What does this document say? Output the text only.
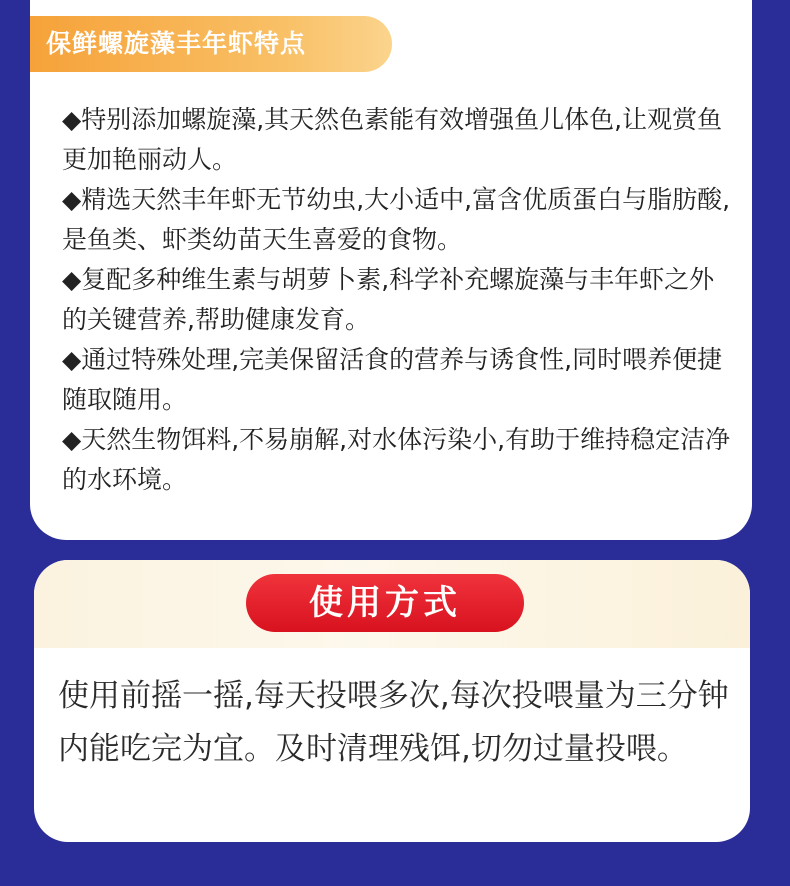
保鲜螺旋藻丰年虾特点
◆特别添加螺旋藻,其天然色素能有效增强鱼儿体色,让观赏鱼更加艳丽动人。
◆精选天然丰年虾无节幼虫,大小适中,富含优质蛋白与脂肪酸,是鱼类、虾类幼苗天生喜爱的食物。
◆复配多种维生素与胡萝卜素,科学补充螺旋藻与丰年虾之外的关键营养,帮助健康发育。
◆通过特殊处理,完美保留活食的营养与诱食性,同时喂养便捷随取随用。
◆天然生物饵料,不易崩解,对水体污染小,有助于维持稳定洁净的水环境。
使用方式

使用前摇一摇,每天投喂多次,每次投喂量为三分钟内能吃完为宜。及时清理残饵,切勿过量投喂。
